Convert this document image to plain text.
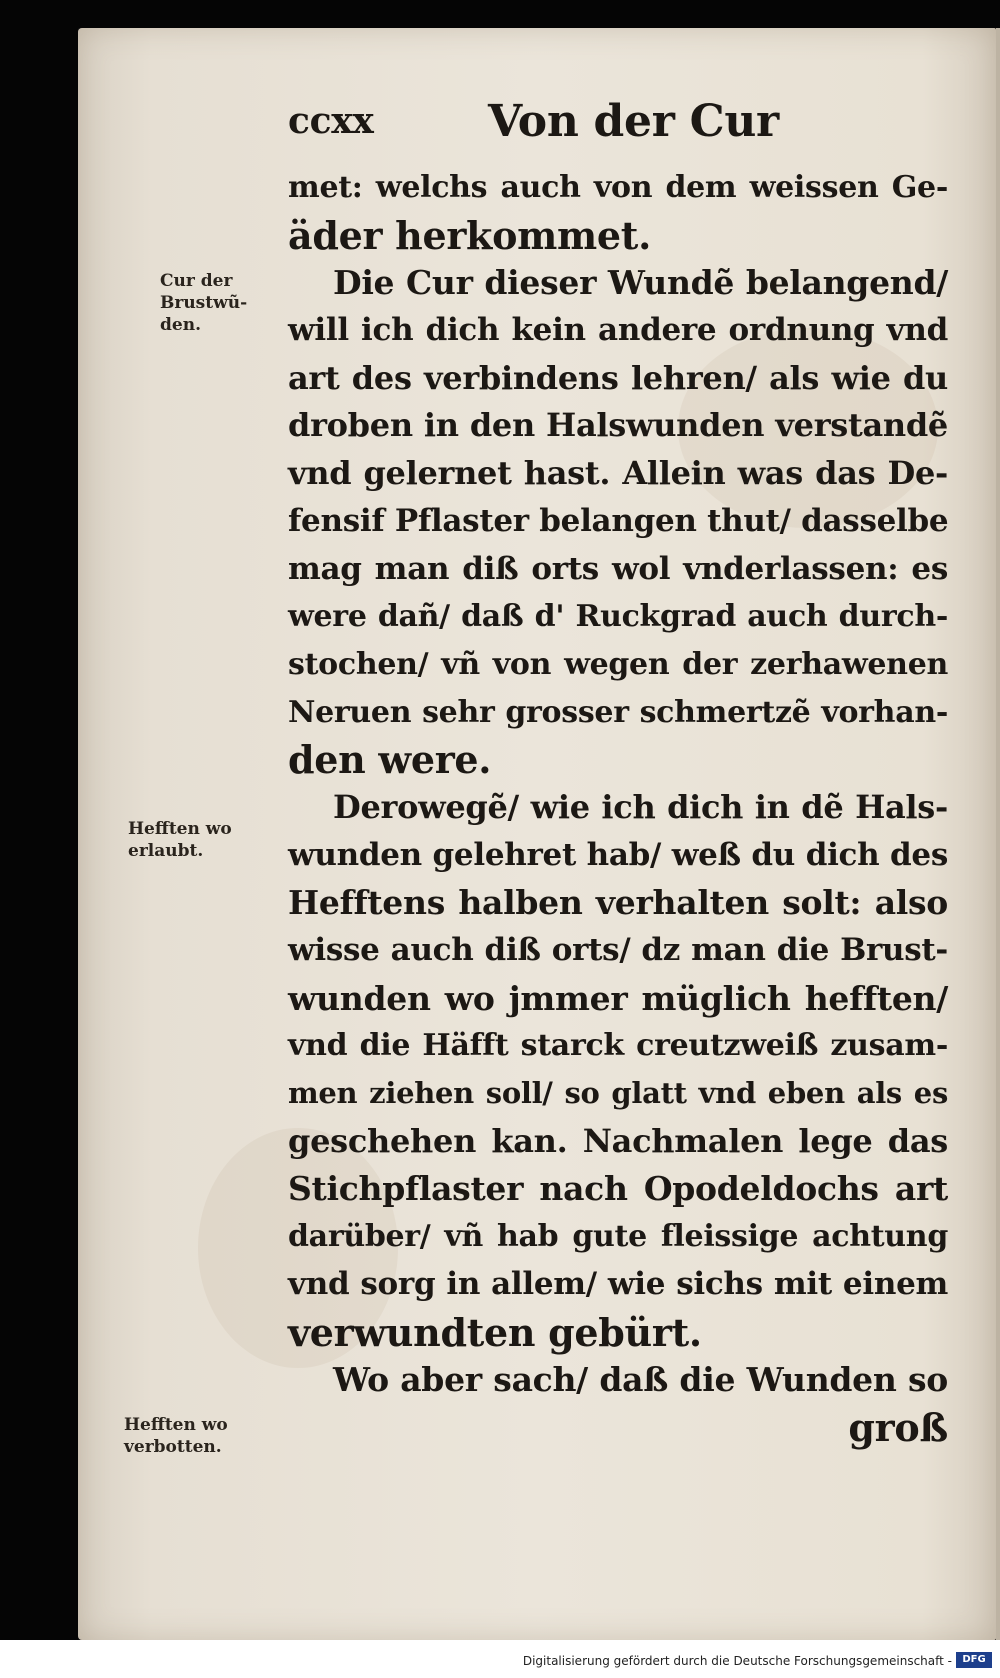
ccxx	Von der Cur
Cur der
Brustwũ-
den.
Hefften wo
erlaubt.
Hefften wo
verbotten.
met: welchs auch von dem weissen Ge-
äder herkommet.
Die Cur dieser Wundẽ belangend/
will ich dich kein andere ordnung vnd
art des verbindens lehren/ als wie du
droben in den Halswunden verstandẽ
vnd gelernet hast. Allein was das De-
fensif Pflaster belangen thut/ dasselbe
mag man diß orts wol vnderlassen: es
were dañ/ daß d' Ruckgrad auch durch-
stochen/ vñ von wegen der zerhawenen
Neruen sehr grosser schmertzẽ vorhan-
den were.
Derowegẽ/ wie ich dich in dẽ Hals-
wunden gelehret hab/ weß du dich des
Hefftens halben verhalten solt: also
wisse auch diß orts/ dz man die Brust-
wunden wo jmmer müglich hefften/
vnd die Häfft starck creutzweiß zusam-
men ziehen soll/ so glatt vnd eben als es
geschehen kan. Nachmalen lege das
Stichpflaster nach Opodeldochs art
darüber/ vñ hab gute fleissige achtung
vnd sorg in allem/ wie sichs mit einem
verwundten gebürt.
Wo aber sach/ daß die Wunden so
groß
Digitalisierung gefördert durch die Deutsche Forschungsgemeinschaft -	DFG
